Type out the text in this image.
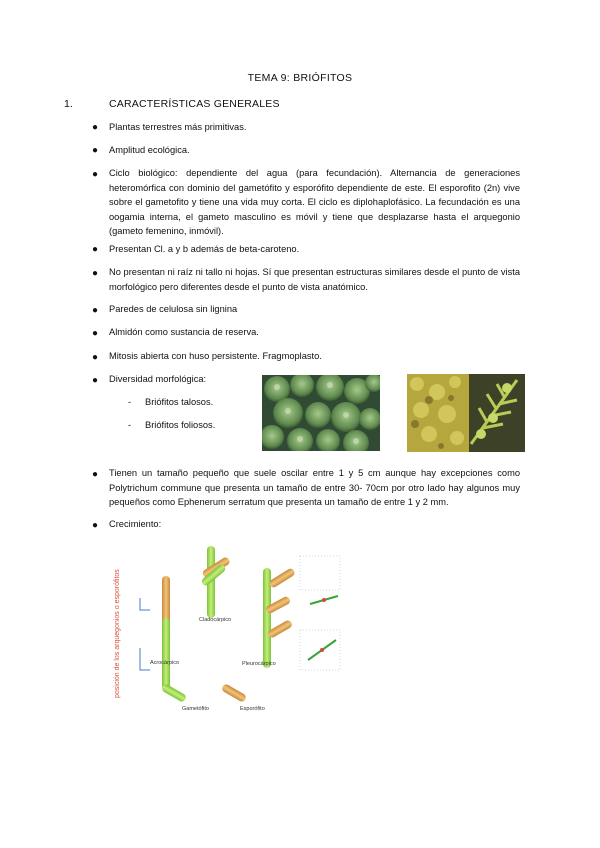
TEMA 9: BRIÓFITOS
1.	CARACTERÍSTICAS GENERALES
● Plantas terrestres más primitivas.
● Amplitud ecológica.
● Ciclo biológico: dependiente del agua (para fecundación). Alternancia de generaciones heteromórfica con dominio del gametófito y esporófito dependiente de este. El esporofito (2n) vive sobre el gametofito y tiene una vida muy corta. El ciclo es diplohaplofásico. La fecundación es una oogamia interna, el gameto masculino es móvil y tiene que desplazarse hasta el arquegonio (gameto femenino, inmóvil).
● Presentan Cl. a y b además de beta-caroteno.
● No presentan ni raíz ni tallo ni hojas. Sí que presentan estructuras similares desde el punto de vista morfológico pero diferentes desde el punto de vista anatómico.
● Paredes de celulosa sin lignina
● Almidón como sustancia de reserva.
● Mitosis abierta con huso persistente. Fragmoplasto.
● Diversidad morfológica:
- Briófitos talosos.
- Briófitos foliosos.
● Tienen un tamaño pequeño que suele oscilar entre 1 y 5 cm aunque hay excepciones como Polytrichum commune que presenta un tamaño de entre 30- 70cm por otro lado hay algunos muy pequeños como Ephenerum serratum que presenta un tamaño de entre 1 y 2 mm.
● Crecimiento:
posición de los arquegonios o esporófitos	Acrocárpico
Cladocárpico
Pleurocárpico
Gametófito	Esporófito
